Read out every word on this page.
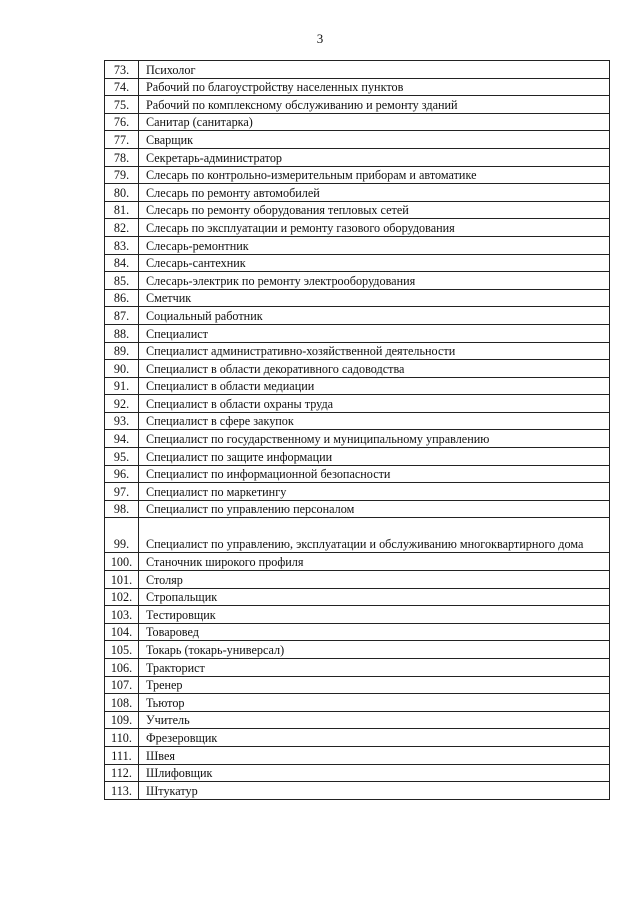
3
73.	Психолог
74.	Рабочий по благоустройству населенных пунктов
75.	Рабочий по комплексному обслуживанию и ремонту зданий
76.	Санитар (санитарка)
77.	Сварщик
78.	Секретарь-администратор
79.	Слесарь по контрольно-измерительным приборам и автоматике
80.	Слесарь по ремонту автомобилей
81.	Слесарь по ремонту оборудования тепловых сетей
82.	Слесарь по эксплуатации и ремонту газового оборудования
83.	Слесарь-ремонтник
84.	Слесарь-сантехник
85.	Слесарь-электрик по ремонту электрооборудования
86.	Сметчик
87.	Социальный работник
88.	Специалист
89.	Специалист административно-хозяйственной деятельности
90.	Специалист в области декоративного садоводства
91.	Специалист в области медиации
92.	Специалист в области охраны труда
93.	Специалист в сфере закупок
94.	Специалист по государственному и муниципальному управлению
95.	Специалист по защите информации
96.	Специалист по информационной безопасности
97.	Специалист по маркетингу
98.	Специалист по управлению персоналом
99.	Специалист по управлению, эксплуатации и обслуживанию многоквартирного дома
100.	Станочник широкого профиля
101.	Столяр
102.	Стропальщик
103.	Тестировщик
104.	Товаровед
105.	Токарь (токарь-универсал)
106.	Тракторист
107.	Тренер
108.	Тьютор
109.	Учитель
110.	Фрезеровщик
111.	Швея
112.	Шлифовщик
113.	Штукатур
